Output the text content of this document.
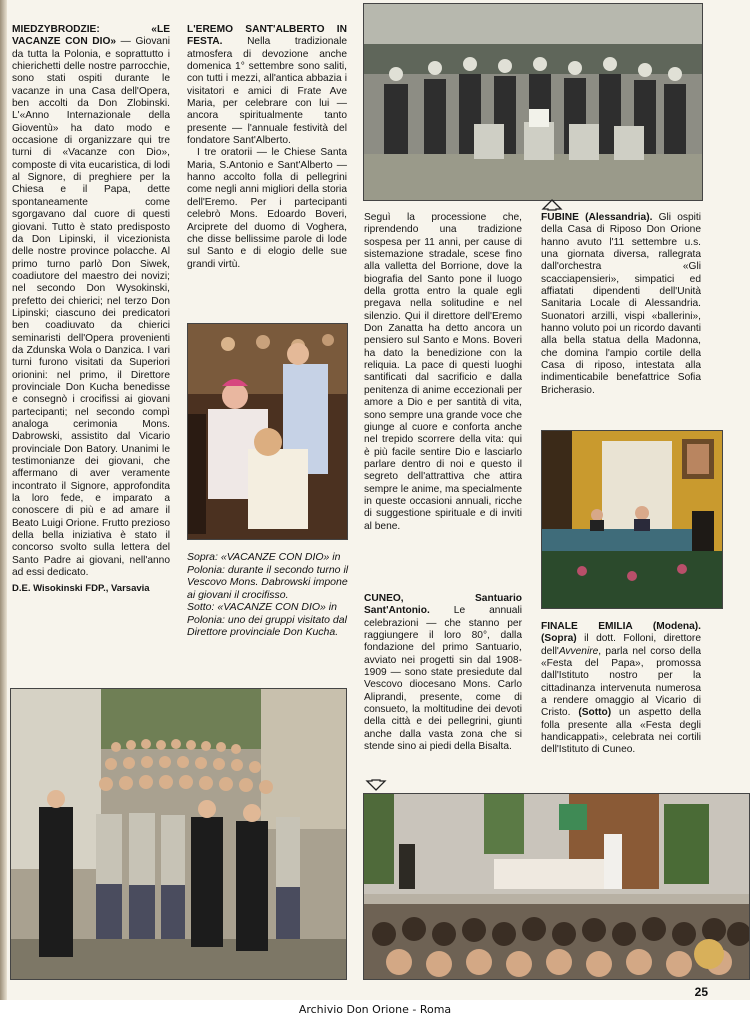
MIEDZYBRODZIE: «LE VACANZE CON DIO» — Giovani da tutta la Polonia, e soprattutto i chierichetti delle nostre parrocchie, sono stati ospiti durante le vacanze in una Casa dell'Opera, ben accolti da Don Zlobinski. L'«Anno Internazionale della Gioventù» ha dato modo e occasione di organizzare qui tre turni di «Vacanze con Dio», composte di vita eucaristica, di lodi al Signore, di preghiere per la Chiesa e il Papa, dette spontaneamente come sgorgavano dal cuore di questi giovani. Tutto è stato predisposto da Don Lipinski, il vicezionista delle nostre province polacche. Al primo turno parlò Don Siwek, coadiutore del maestro dei novizi; nel secondo Don Wysokinski, prefetto dei chierici; nel terzo Don Lipinski; ciascuno dei predicatori ben coadiuvato da chierici seminaristi dell'Opera provenienti da Zdunska Wola o Danzica. I vari turni furono visitati da Superiori orionini: nel primo, il Direttore provinciale Don Kucha benedisse e consegnò i crocifissi ai giovani partecipanti; nel secondo compì analoga cerimonia Mons. Dabrowski, assistito dal Vicario provinciale Don Batory. Unanimi le testimonianze dei giovani, che affermano di aver veramente incontrato il Signore, approfondita la loro fede, e imparato a conoscere di più e ad amare il Beato Luigi Orione. Frutto prezioso della bella iniziativa è stato il concorso svolto sulla lettera del Santo Padre ai giovani, nell'anno ad essi dedicato.

D.E. Wisokinski FDP., Varsavia

L'EREMO SANT'ALBERTO IN FESTA. Nella tradizionale atmosfera di devozione anche domenica 1° settembre sono saliti, con tutti i mezzi, all'antica abbazia i visitatori e amici di Frate Ave Maria, per celebrare con lui — ancora spiritualmente tanto presente — l'annuale festività del fondatore Sant'Alberto.

I tre oratorii — le Chiese Santa Maria, S.Antonio e Sant'Alberto — hanno accolto folla di pellegrini come negli anni migliori della storia dell'Eremo. Per i partecipanti celebrò Mons. Edoardo Boveri, Arciprete del duomo di Voghera, che disse bellissime parole di lode sul Santo e di elogio delle sue grandi virtù.

Sopra: «VACANZE CON DIO» in Polonia: durante il secondo turno il Vescovo Mons. Dabrowski impone ai giovani il crocifisso.

Sotto: «VACANZE CON DIO» in Polonia: uno dei gruppi visitato dal Direttore provinciale Don Kucha.

Seguì la processione che, riprendendo una tradizione sospesa per 11 anni, per cause di sistemazione stradale, scese fino alla valletta del Borrione, dove la biografia del Santo pone il luogo della grotta entro la quale egli pregava nella solitudine e nel silenzio. Qui il direttore dell'Eremo Don Zanatta ha detto ancora un pensiero sul Santo e Mons. Boveri ha dato la benedizione con la reliquia. La pace di questi luoghi santificati dal sacrificio e dalla penitenza di anime eccezionali per amore a Dio e per santità di vita, sono sempre una grande voce che giunge al cuore e conforta anche nel trepido scorrere della vita: qui è più facile sentire Dio e lasciarlo parlare dentro di noi e questo il segreto dell'attrattiva che attira sempre le anime, ma specialmente in queste occasioni annuali, ricche di suggestione spirituale e di inviti al bene.

CUNEO, Santuario Sant'Antonio. Le annuali celebrazioni — che stanno per raggiungere il loro 80°, dalla fondazione del primo Santuario, avviato nei progetti sin dal 1908-1909 — sono state presiedute dal Vescovo diocesano Mons. Carlo Aliprandi, presente, come di consueto, la moltitudine dei devoti della città e dei pellegrini, giunti anche dalla vasta zona che si stende sino ai piedi della Bisalta.

FUBINE (Alessandria). Gli ospiti della Casa di Riposo Don Orione hanno avuto l'11 settembre u.s. una giornata diversa, rallegrata dall'orchestra «Gli scacciapensieri», simpatici ed affiatati dipendenti dell'Unità Sanitaria Locale di Alessandria. Suonatori arzilli, vispi «ballerini», hanno voluto poi un ricordo davanti alla bella statua della Madonna, che domina l'ampio cortile della Casa di riposo, intestata alla indimenticabile benefattrice Sofia Bricherasio.

FINALE EMILIA (Modena). (Sopra) il dott. Folloni, direttore dell'Avvenire, parla nel corso della «Festa del Papa», promossa dall'Istituto nostro per la cittadinanza intervenuta numerosa a rendere omaggio al Vicario di Cristo. (Sotto) un aspetto della folla presente alla «Festa degli handicappati», celebrata nei cortili dell'Istituto di Cuneo.

25
Archivio Don Orione - Roma
